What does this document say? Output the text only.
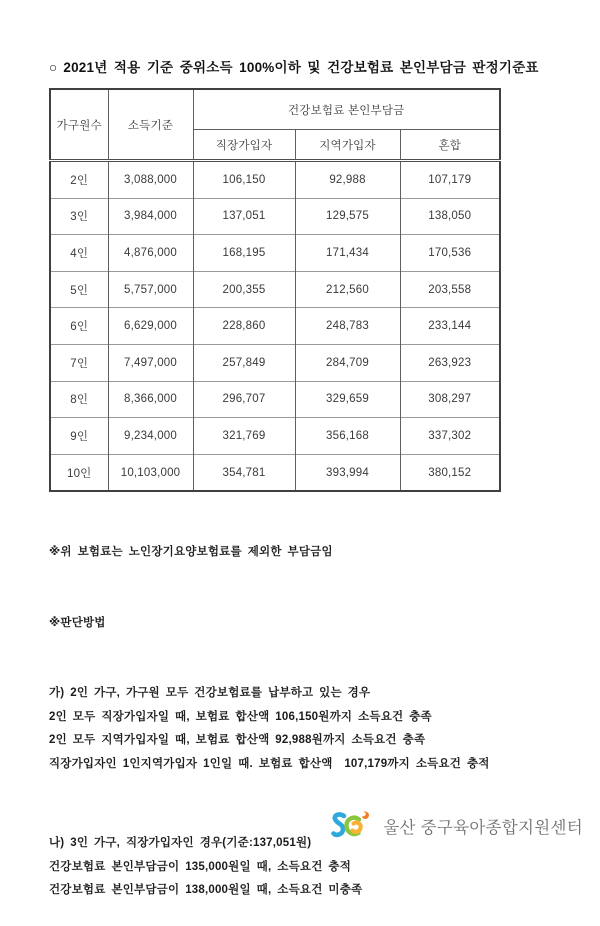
○ 2021년 적용 기준 중위소득 100%이하 및 건강보험료 본인부담금 판정기준표
가구원수	소득기준	건강보험료 본인부담금		
		직장가입자	지역가입자	혼합
2인	3,088,000	106,150	92,988	107,179
3인	3,984,000	137,051	129,575	138,050
4인	4,876,000	168,195	171,434	170,536
5인	5,757,000	200,355	212,560	203,558
6인	6,629,000	228,860	248,783	233,144
7인	7,497,000	257,849	284,709	263,923
8인	8,366,000	296,707	329,659	308,297
9인	9,234,000	321,769	356,168	337,302
10인	10,103,000	354,781	393,994	380,152

※위 보험료는 노인장기요양보험료를 제외한 부담금임

※판단방법

가) 2인 가구, 가구원 모두 건강보험료를 납부하고 있는 경우
2인 모두 직장가입자일 때, 보험료 합산액 106,150원까지 소득요건 충족
2인 모두 지역가입자일 때, 보험료 합산액 92,988원까지 소득요건 충족
직장가입자인 1인지역가입자 1인일 때. 보험료 합산액  107,179까지 소득요건 충적

나) 3인 가구, 직장가입자인 경우(기준:137,051원)
건강보험료 본인부담금이 135,000원일 때, 소득요건 충적
건강보험료 본인부담금이 138,000원일 때, 소득요건 미충족

울산 중구육아종합지원센터
